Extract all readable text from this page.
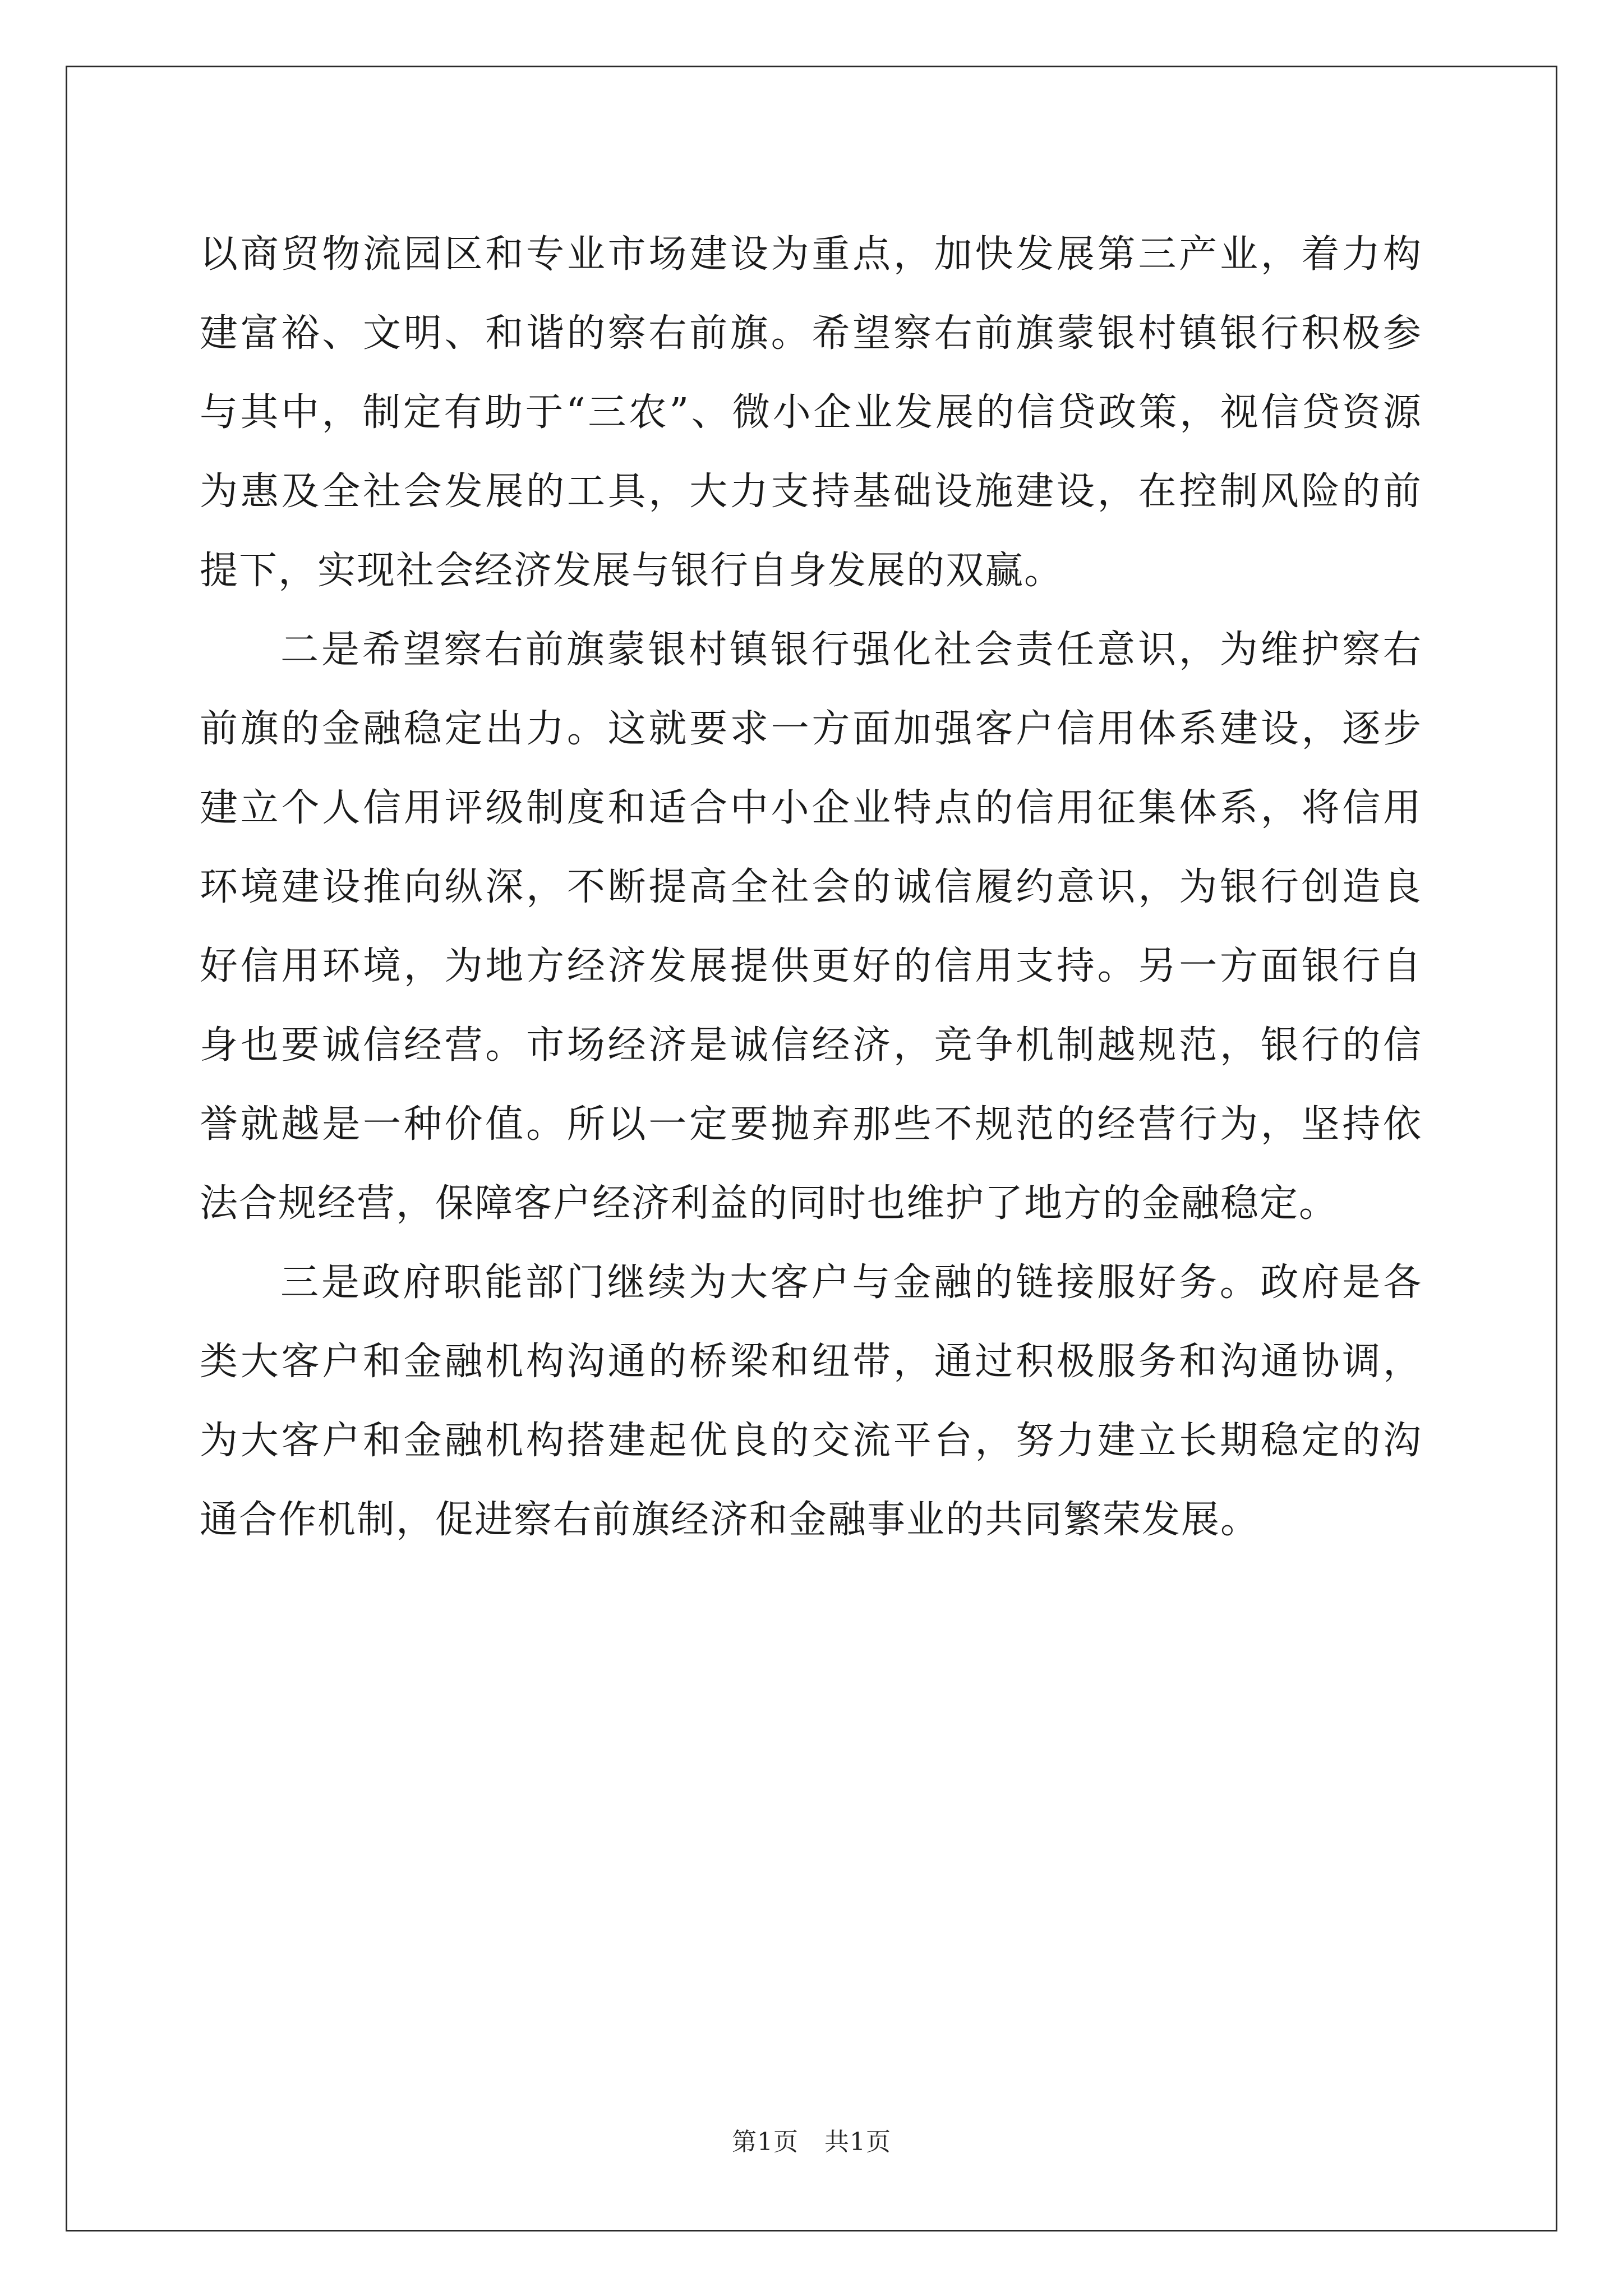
以商贸物流园区和专业市场建设为重点，加快发展第三产业，着力构
建富裕、文明、和谐的察右前旗。希望察右前旗蒙银村镇银行积极参
与其中，制定有助于“三农”、微小企业发展的信贷政策，视信贷资源
为惠及全社会发展的工具，大力支持基础设施建设，在控制风险的前
提下，实现社会经济发展与银行自身发展的双赢。
二是希望察右前旗蒙银村镇银行强化社会责任意识，为维护察右
前旗的金融稳定出力。这就要求一方面加强客户信用体系建设，逐步
建立个人信用评级制度和适合中小企业特点的信用征集体系，将信用
环境建设推向纵深，不断提高全社会的诚信履约意识，为银行创造良
好信用环境，为地方经济发展提供更好的信用支持。另一方面银行自
身也要诚信经营。市场经济是诚信经济，竞争机制越规范，银行的信
誉就越是一种价值。所以一定要抛弃那些不规范的经营行为，坚持依
法合规经营，保障客户经济利益的同时也维护了地方的金融稳定。
三是政府职能部门继续为大客户与金融的链接服好务。政府是各
类大客户和金融机构沟通的桥梁和纽带，通过积极服务和沟通协调，
为大客户和金融机构搭建起优良的交流平台，努力建立长期稳定的沟
通合作机制，促进察右前旗经济和金融事业的共同繁荣发展。
第1页 共1页
